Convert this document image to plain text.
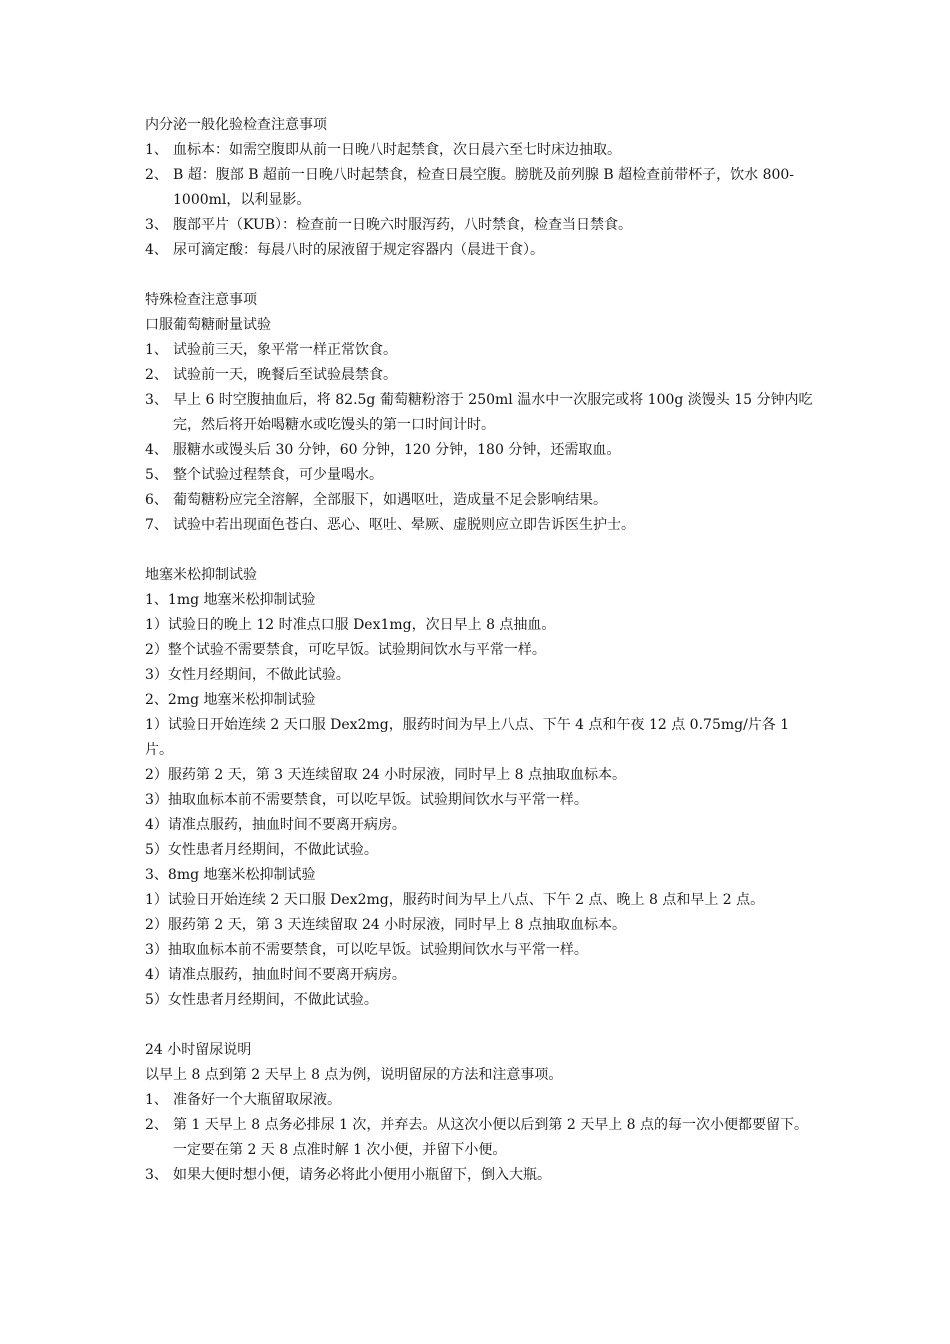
内分泌一般化验检查注意事项

1、 血标本：如需空腹即从前一日晚八时起禁食，次日晨六至七时床边抽取。
2、 B 超：腹部 B 超前一日晚八时起禁食，检查日晨空腹。膀胱及前列腺 B 超检查前带杯子，饮水 800-1000ml，以利显影。
3、 腹部平片（KUB）：检查前一日晚六时服泻药，八时禁食，检查当日禁食。
4、 尿可滴定酸：每晨八时的尿液留于规定容器内（晨进干食）。

特殊检查注意事项

口服葡萄糖耐量试验

1、 试验前三天，象平常一样正常饮食。
2、 试验前一天，晚餐后至试验晨禁食。
3、 早上 6 时空腹抽血后，将 82.5g 葡萄糖粉溶于 250ml 温水中一次服完或将 100g 淡馒头 15 分钟内吃完，然后将开始喝糖水或吃馒头的第一口时间计时。
4、 服糖水或馒头后 30 分钟，60 分钟，120 分钟，180 分钟，还需取血。
5、 整个试验过程禁食，可少量喝水。
6、 葡萄糖粉应完全溶解，全部服下，如遇呕吐，造成量不足会影响结果。
7、 试验中若出现面色苍白、恶心、呕吐、晕厥、虚脱则应立即告诉医生护士。

地塞米松抑制试验

1、1mg 地塞米松抑制试验

1）试验日的晚上 12 时准点口服 Dex1mg，次日早上 8 点抽血。

2）整个试验不需要禁食，可吃早饭。试验期间饮水与平常一样。

3）女性月经期间，不做此试验。

2、2mg 地塞米松抑制试验

1）试验日开始连续 2 天口服 Dex2mg，服药时间为早上八点、下午 4 点和午夜 12 点 0.75mg/片各 1 片。

2）服药第 2 天，第 3 天连续留取 24 小时尿液，同时早上 8 点抽取血标本。

3）抽取血标本前不需要禁食，可以吃早饭。试验期间饮水与平常一样。

4）请准点服药，抽血时间不要离开病房。

5）女性患者月经期间，不做此试验。

3、8mg 地塞米松抑制试验

1）试验日开始连续 2 天口服 Dex2mg，服药时间为早上八点、下午 2 点、晚上 8 点和早上 2 点。

2）服药第 2 天，第 3 天连续留取 24 小时尿液，同时早上 8 点抽取血标本。

3）抽取血标本前不需要禁食，可以吃早饭。试验期间饮水与平常一样。

4）请准点服药，抽血时间不要离开病房。

5）女性患者月经期间，不做此试验。

24 小时留尿说明

以早上 8 点到第 2 天早上 8 点为例，说明留尿的方法和注意事项。

1、 准备好一个大瓶留取尿液。
2、 第 1 天早上 8 点务必排尿 1 次，并弃去。从这次小便以后到第 2 天早上 8 点的每一次小便都要留下。一定要在第 2 天 8 点准时解 1 次小便，并留下小便。
3、 如果大便时想小便，请务必将此小便用小瓶留下，倒入大瓶。
